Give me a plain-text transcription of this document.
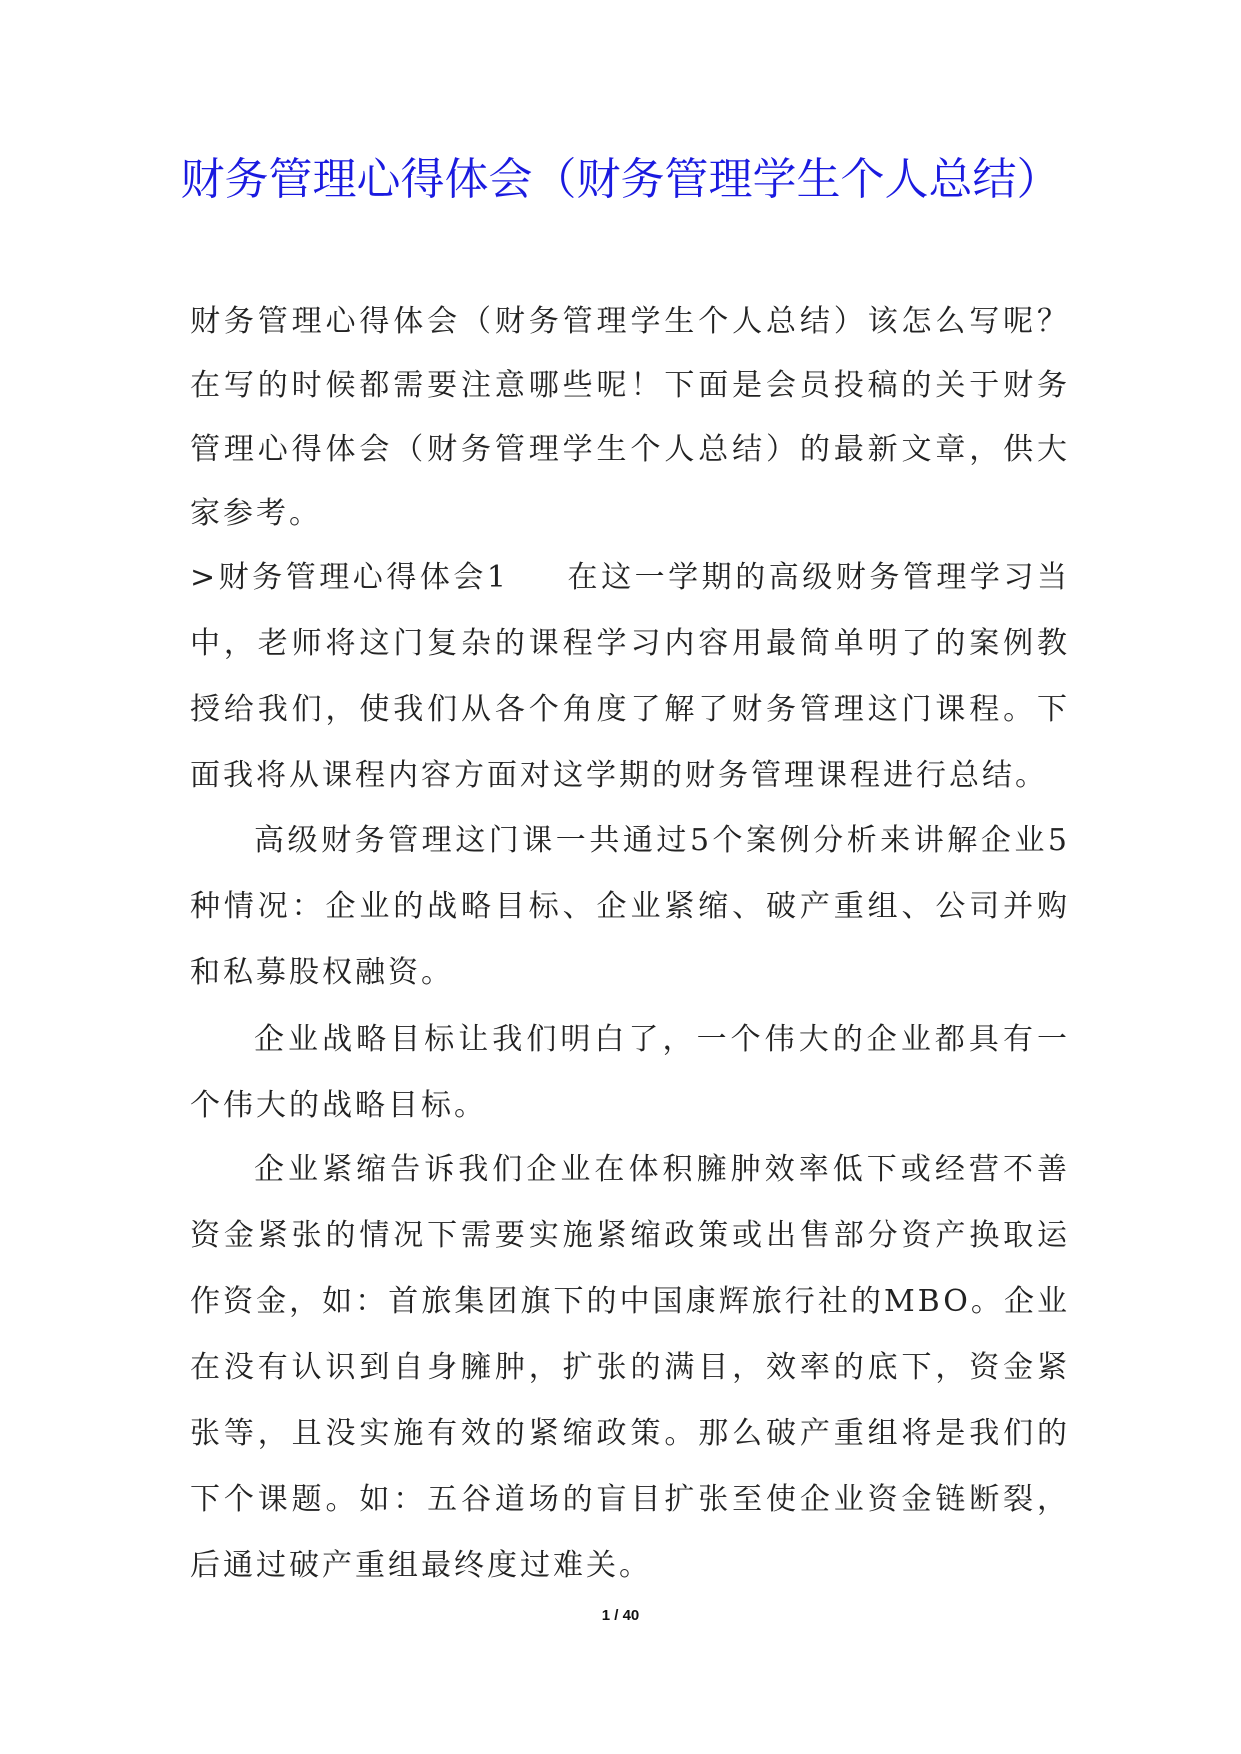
财务管理心得体会（财务管理学生个人总结）

财务管理心得体会（财务管理学生个人总结）该怎么写呢？在写的时候都需要注意哪些呢！下面是会员投稿的关于财务管理心得体会（财务管理学生个人总结）的最新文章，供大家参考。

>财务管理心得体会1 在这一学期的高级财务管理学习当中，老师将这门复杂的课程学习内容用最简单明了的案例教授给我们，使我们从各个角度了解了财务管理这门课程。下面我将从课程内容方面对这学期的财务管理课程进行总结。

高级财务管理这门课一共通过5个案例分析来讲解企业5种情况：企业的战略目标、企业紧缩、破产重组、公司并购和私募股权融资。

企业战略目标让我们明白了，一个伟大的企业都具有一个伟大的战略目标。

企业紧缩告诉我们企业在体积臃肿效率低下或经营不善资金紧张的情况下需要实施紧缩政策或出售部分资产换取运作资金，如：首旅集团旗下的中国康辉旅行社的MBO。企业在没有认识到自身臃肿，扩张的满目，效率的底下，资金紧张等，且没实施有效的紧缩政策。那么破产重组将是我们的下个课题。如：五谷道场的盲目扩张至使企业资金链断裂，后通过破产重组最终度过难关。

1 / 40
